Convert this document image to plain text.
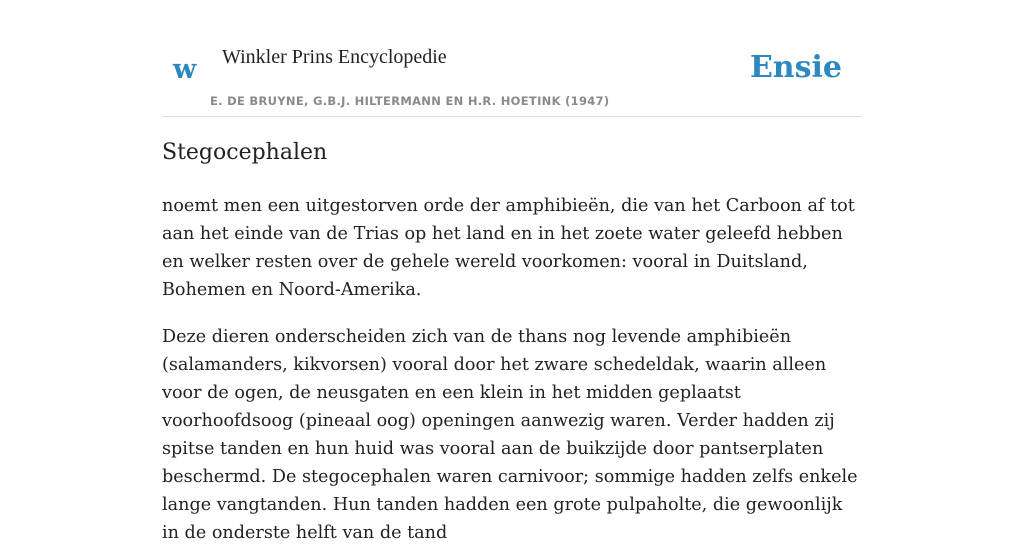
w Winkler Prins Encyclopedie
E. DE BRUYNE, G.B.J. HILTERMANN EN H.R. HOETINK (1947)
Ensie
Stegocephalen

noemt men een uitgestorven orde der amphibieën, die van het Carboon af tot aan het einde van de Trias op het land en in het zoete water geleefd hebben en welker resten over de gehele wereld voorkomen: vooral in Duitsland, Bohemen en Noord-Amerika.

Deze dieren onderscheiden zich van de thans nog levende amphibieën (salamanders, kikvorsen) vooral door het zware schedeldak, waarin alleen voor de ogen, de neusgaten en een klein in het midden geplaatst voorhoofdsoog (pineaal oog) openingen aanwezig waren. Verder hadden zij spitse tanden en hun huid was vooral aan de buikzijde door pantserplaten beschermd. De stegocephalen waren carnivoor; sommige hadden zelfs enkele lange vangtanden. Hun tanden hadden een grote pulpaholte, die gewoonlijk in de onderste helft van de tand
